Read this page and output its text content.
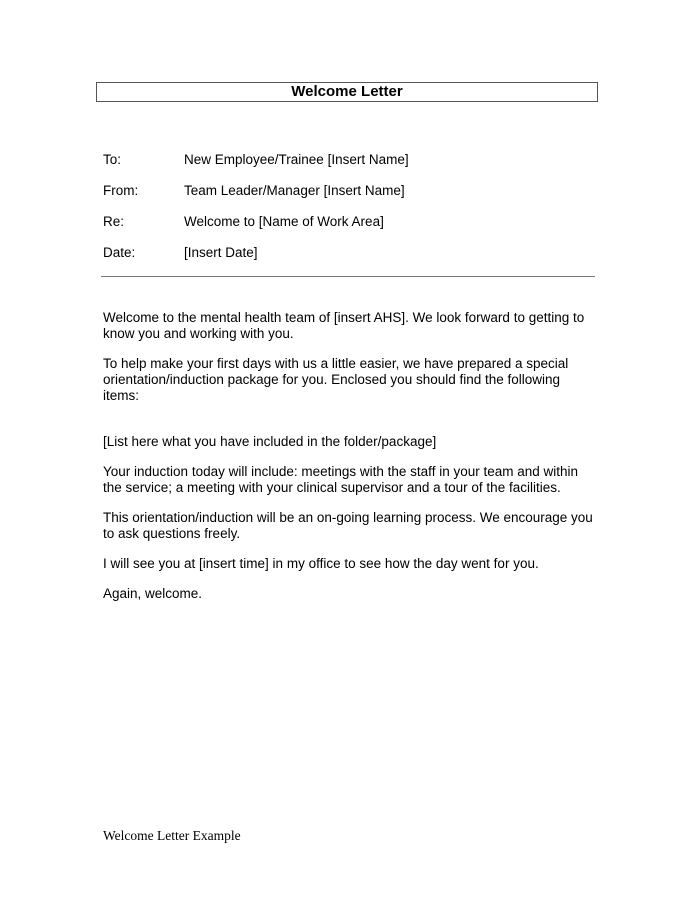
Welcome Letter
To:	New Employee/Trainee [Insert Name]
From:	Team Leader/Manager [Insert Name]
Re:	Welcome to [Name of Work Area]
Date:	[Insert Date]

Welcome to the mental health team of [insert AHS]. We look forward to getting to know you and working with you.

To help make your first days with us a little easier, we have prepared a special orientation/induction package for you. Enclosed you should find the following items:

[List here what you have included in the folder/package]

Your induction today will include: meetings with the staff in your team and within the service; a meeting with your clinical supervisor and a tour of the facilities.

This orientation/induction will be an on-going learning process. We encourage you to ask questions freely.

I will see you at [insert time] in my office to see how the day went for you.

Again, welcome.

Welcome Letter Example
